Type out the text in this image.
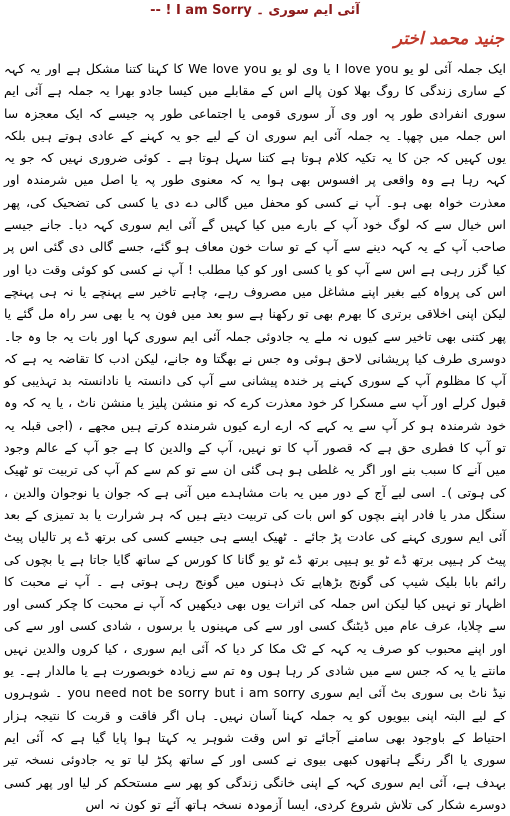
آئی ایم سوری ۔ I am Sorry ! --
جنید محمد اختر

ایک جملہ آئی لو یو I love you یا وی لو یو We love you کا کہنا کتنا مشکل ہے اور یہ کہہ کے ساری زندگی کا روگ بھلا کون پالے اس کے مقابلے میں کیسا جادو بھرا یہ جملہ ہے آئی ایم سوری انفرادی طور پہ اور وی آر سوری قومی یا اجتماعی طور پہ جیسے کہ ایک معجزہ سا اس جملہ میں چھپا۔ یہ جملہ آئی ایم سوری ان کے لیے جو یہ کہنے کے عادی ہوتے ہیں بلکہ یوں کہیں کہ جن کا یہ تکیہ کلام ہوتا ہے کتنا سہل ہوتا ہے ۔ کوئی ضروری نہیں کہ جو یہ کہہ رہا ہے وہ واقعی پر افسوس بھی ہوا یہ کہ معنوی طور پہ یا اصل میں شرمندہ اور معذرت خواہ بھی ہو۔ آپ نے کسی کو محفل میں گالی دے دی یا کسی کی تضحیک کی، پھر اس خیال سے کہ لوگ خود آپ کے بارے میں کیا کہیں گے آئی ایم سوری کہہ دیا۔ جانے جیسے صاحب آپ کے یہ کہہ دینے سے آپ کے تو سات خون معاف ہو گئے، جسے گالی دی گئی اس پر کیا گزر رہی ہے اس سے آپ کو یا کسی اور کو کیا مطلب ! آپ نے کسی کو کوئی وقت دیا اور اس کی پرواہ کیے بغیر اپنے مشاغل میں مصروف رہے، چاہے تاخیر سے پہنچے یا نہ ہی پہنچے لیکن اپنی اخلاقی برتری کا بھرم بھی تو رکھنا ہے سو بعد میں فون پہ یا بھی سر راہ مل گئے یا پھر کتنی بھی تاخیر سے کیوں نہ ملے یہ جادوئی جملہ آئی ایم سوری کہا اور بات یہ جا وہ جا۔ دوسری طرف کیا پریشانی لاحق ہوئی وہ جس نے بھگتا وہ جانے، لیکن ادب کا تقاضہ یہ ہے کہ آپ کا مظلوم آپ کے سوری کہنے پر خندہ پیشانی سے آپ کی دانستہ یا نادانستہ بد تہذیبی کو قبول کرلے اور آپ سے مسکرا کر خود معذرت کرے کہ نو منشن پلیز یا منشن ناٹ ، یا یہ کہ وہ خود شرمندہ ہو کر آپ سے یہ کہے کہ ارے ارے کیوں شرمندہ کرتے ہیں مجھے ، (اجی قبلہ یہ تو آپ کا فطری حق ہے کہ قصور آپ کا تو نہیں، آپ کے والدین کا ہے جو آپ کے عالم وجود میں آنے کا سبب بنے اور اگر یہ غلطی ہو ہی گئی ان سے تو کم سے کم آپ کی تربیت تو ٹھیک کی ہوتی )۔ اسی لیے آج کے دور میں یہ بات مشاہدے میں آتی ہے کہ جوان یا نوجوان والدین ، سنگل مدر یا فادر اپنے بچوں کو اس بات کی تربیت دیتے ہیں کہ ہر شرارت یا بد تمیزی کے بعد آئی ایم سوری کہنے کی عادت پڑ جائے ۔ ٹھیک ایسے ہی جیسے کسی کی برتھ ڈے پر تالیاں پیٹ پیٹ کر ہیپی برتھ ڈے ٹو یو ہیپی برتھ ڈے ٹو یو گانا کا کورس کے ساتھ گایا جاتا ہے یا بچوں کی رائم بابا بلیک شیپ کی گونج بڑھاپے تک ذہنوں میں گونج رہی ہوتی ہے ۔ آپ نے محبت کا اظہار تو نہیں کیا لیکن اس جملہ کی اثرات یوں بھی دیکھیں کہ آپ نے محبت کا چکر کسی اور سے چلایا، عرف عام میں ڈیٹنگ کسی اور سے کی مہینوں یا برسوں ، شادی کسی اور سے کی اور اپنے محبوب کو صرف یہ کہہ کے ٹک مکا کر دیا کہ آئی ایم سوری ، کیا کروں والدین نہیں مانتے یا یہ کہ جس سے میں شادی کر رہا ہوں وہ تم سے زیادہ خوبصورت ہے یا مالدار ہے۔ یو نیڈ ناٹ بی سوری بٹ آئی ایم سوری you need not be sorry but i am sorry ۔ شوہروں کے لیے البتہ اپنی بیویوں کو یہ جملہ کہنا آسان نہیں۔ ہاں اگر فاقت و قربت کا نتیجہ ہزار احتیاط کے باوجود بھی سامنے آجائے تو اس وقت شوہر یہ کہتا ہوا پایا گیا ہے کہ آئی ایم سوری یا اگر رنگے ہاتھوں کبھی بیوی نے کسی اور کے ساتھ پکڑ لیا تو یہ جادوئی نسخہ تیر بہدف ہے، آئی ایم سوری کہہ کے اپنی خانگی زندگی کو پھر سے مستحکم کر لیا اور پھر کسی دوسرے شکار کی تلاش شروع کردی، ایسا آزمودہ نسخہ ہاتھ آئے تو کون نہ اس
